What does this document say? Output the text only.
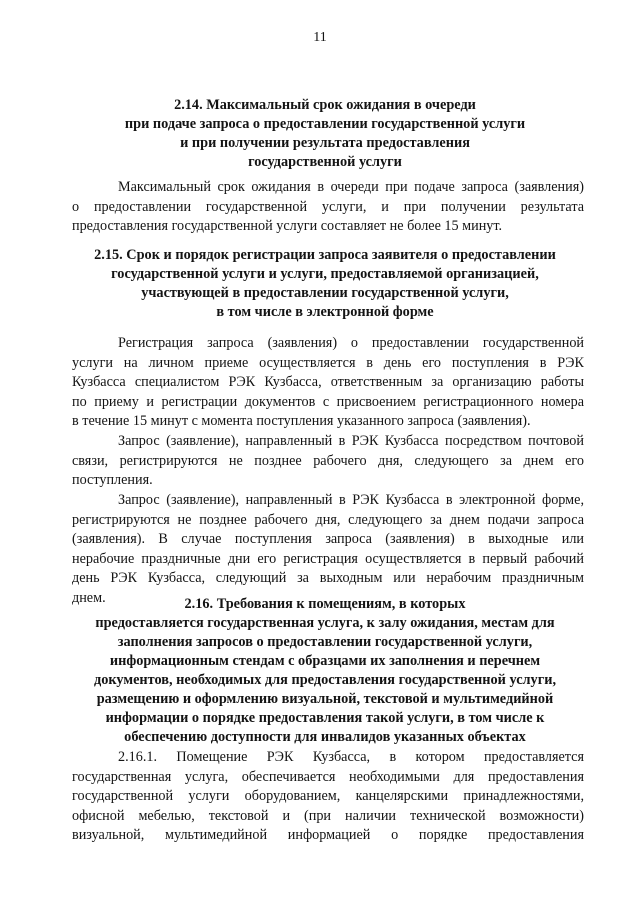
11
2.14. Максимальный срок ожидания в очереди
при подаче запроса о предоставлении государственной услуги
и при получении результата предоставления
государственной услуги
Максимальный срок ожидания в очереди при подаче запроса (заявления)
о предоставлении государственной услуги, и при получении результата
предоставления государственной услуги составляет не более 15 минут.
2.15. Срок и порядок регистрации запроса заявителя о предоставлении
государственной услуги и услуги, предоставляемой организацией,
участвующей в предоставлении государственной услуги,
в том числе в электронной форме
Регистрация запроса (заявления) о предоставлении государственной
услуги на личном приеме осуществляется в день его поступления в РЭК
Кузбасса специалистом РЭК Кузбасса, ответственным за организацию работы
по приему и регистрации документов с присвоением регистрационного номера
в течение 15 минут с момента поступления указанного запроса (заявления).
Запрос (заявление), направленный в РЭК Кузбасса посредством почтовой
связи, регистрируются не позднее рабочего дня, следующего за днем его
поступления.
Запрос (заявление), направленный в РЭК Кузбасса в электронной форме,
регистрируются не позднее рабочего дня, следующего за днем подачи запроса
(заявления). В случае поступления запроса (заявления) в выходные или
нерабочие праздничные дни его регистрация осуществляется в первый рабочий
день РЭК Кузбасса, следующий за выходным или нерабочим праздничным
днем.	2.16. Требования к помещениям, в которых
предоставляется государственная услуга, к залу ожидания, местам для
заполнения запросов о предоставлении государственной услуги,
информационным стендам с образцами их заполнения и перечнем
документов, необходимых для предоставления государственной услуги,
размещению и оформлению визуальной, текстовой и мультимедийной
информации о порядке предоставления такой услуги, в том числе к
обеспечению доступности для инвалидов указанных объектах
2.16.1. Помещение РЭК Кузбасса, в котором предоставляется
государственная услуга, обеспечивается необходимыми для предоставления
государственной услуги оборудованием, канцелярскими принадлежностями,
офисной мебелью, текстовой и (при наличии технической возможности)
визуальной, мультимедийной информацией о порядке предоставления
